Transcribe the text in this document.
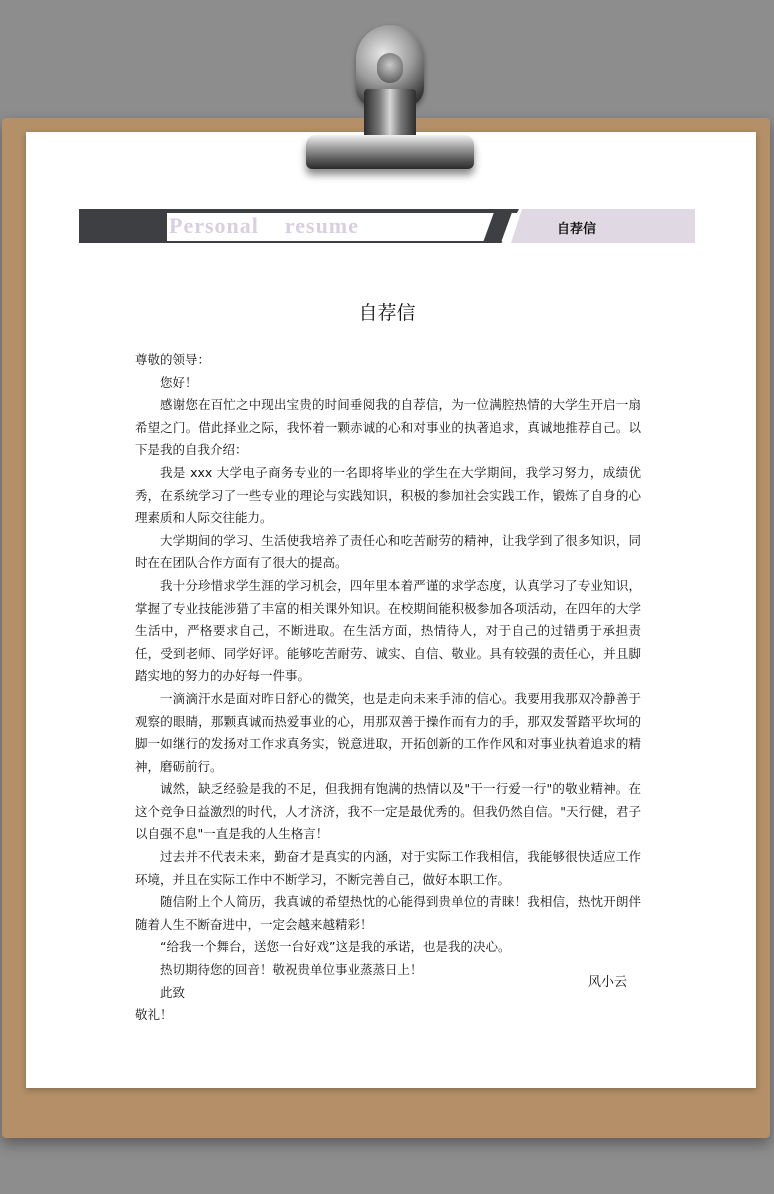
Personal    resume	自荐信
自荐信

尊敬的领导：

您好！

感谢您在百忙之中现出宝贵的时间垂阅我的自荐信，为一位满腔热情的大学生开启一扇希望之门。借此择业之际，我怀着一颗赤诚的心和对事业的执著追求，真诚地推荐自己。以下是我的自我介绍：

我是 xxx 大学电子商务专业的一名即将毕业的学生在大学期间，我学习努力，成绩优秀，在系统学习了一些专业的理论与实践知识，积极的参加社会实践工作，锻炼了自身的心理素质和人际交往能力。

大学期间的学习、生活使我培养了责任心和吃苦耐劳的精神，让我学到了很多知识，同时在在团队合作方面有了很大的提高。

我十分珍惜求学生涯的学习机会，四年里本着严谨的求学态度，认真学习了专业知识，掌握了专业技能涉猎了丰富的相关课外知识。在校期间能积极参加各项活动，在四年的大学生活中，严格要求自己，不断进取。在生活方面，热情待人，对于自己的过错勇于承担责任，受到老师、同学好评。能够吃苦耐劳、诚实、自信、敬业。具有较强的责任心，并且脚踏实地的努力的办好每一件事。

一滴滴汗水是面对昨日舒心的微笑，也是走向未来手沛的信心。我要用我那双冷静善于观察的眼睛，那颗真诚而热爱事业的心，用那双善于操作而有力的手，那双发誓踏平坎坷的脚一如继行的发扬对工作求真务实，锐意进取，开拓创新的工作作风和对事业执着追求的精神，磨砺前行。

诚然，缺乏经验是我的不足，但我拥有饱满的热情以及"干一行爱一行"的敬业精神。在这个竞争日益激烈的时代，人才济济，我不一定是最优秀的。但我仍然自信。"天行健，君子以自强不息"一直是我的人生格言！

过去并不代表未来，勤奋才是真实的内涵，对于实际工作我相信，我能够很快适应工作环境，并且在实际工作中不断学习，不断完善自己，做好本职工作。

随信附上个人简历，我真诚的希望热忱的心能得到贵单位的青睐！我相信，热忱开朗伴随着人生不断奋进中，一定会越来越精彩！

“给我一个舞台，送您一台好戏”这是我的承诺，也是我的决心。

热切期待您的回音！敬祝贵单位事业蒸蒸日上！

此致

敬礼！

风小云
